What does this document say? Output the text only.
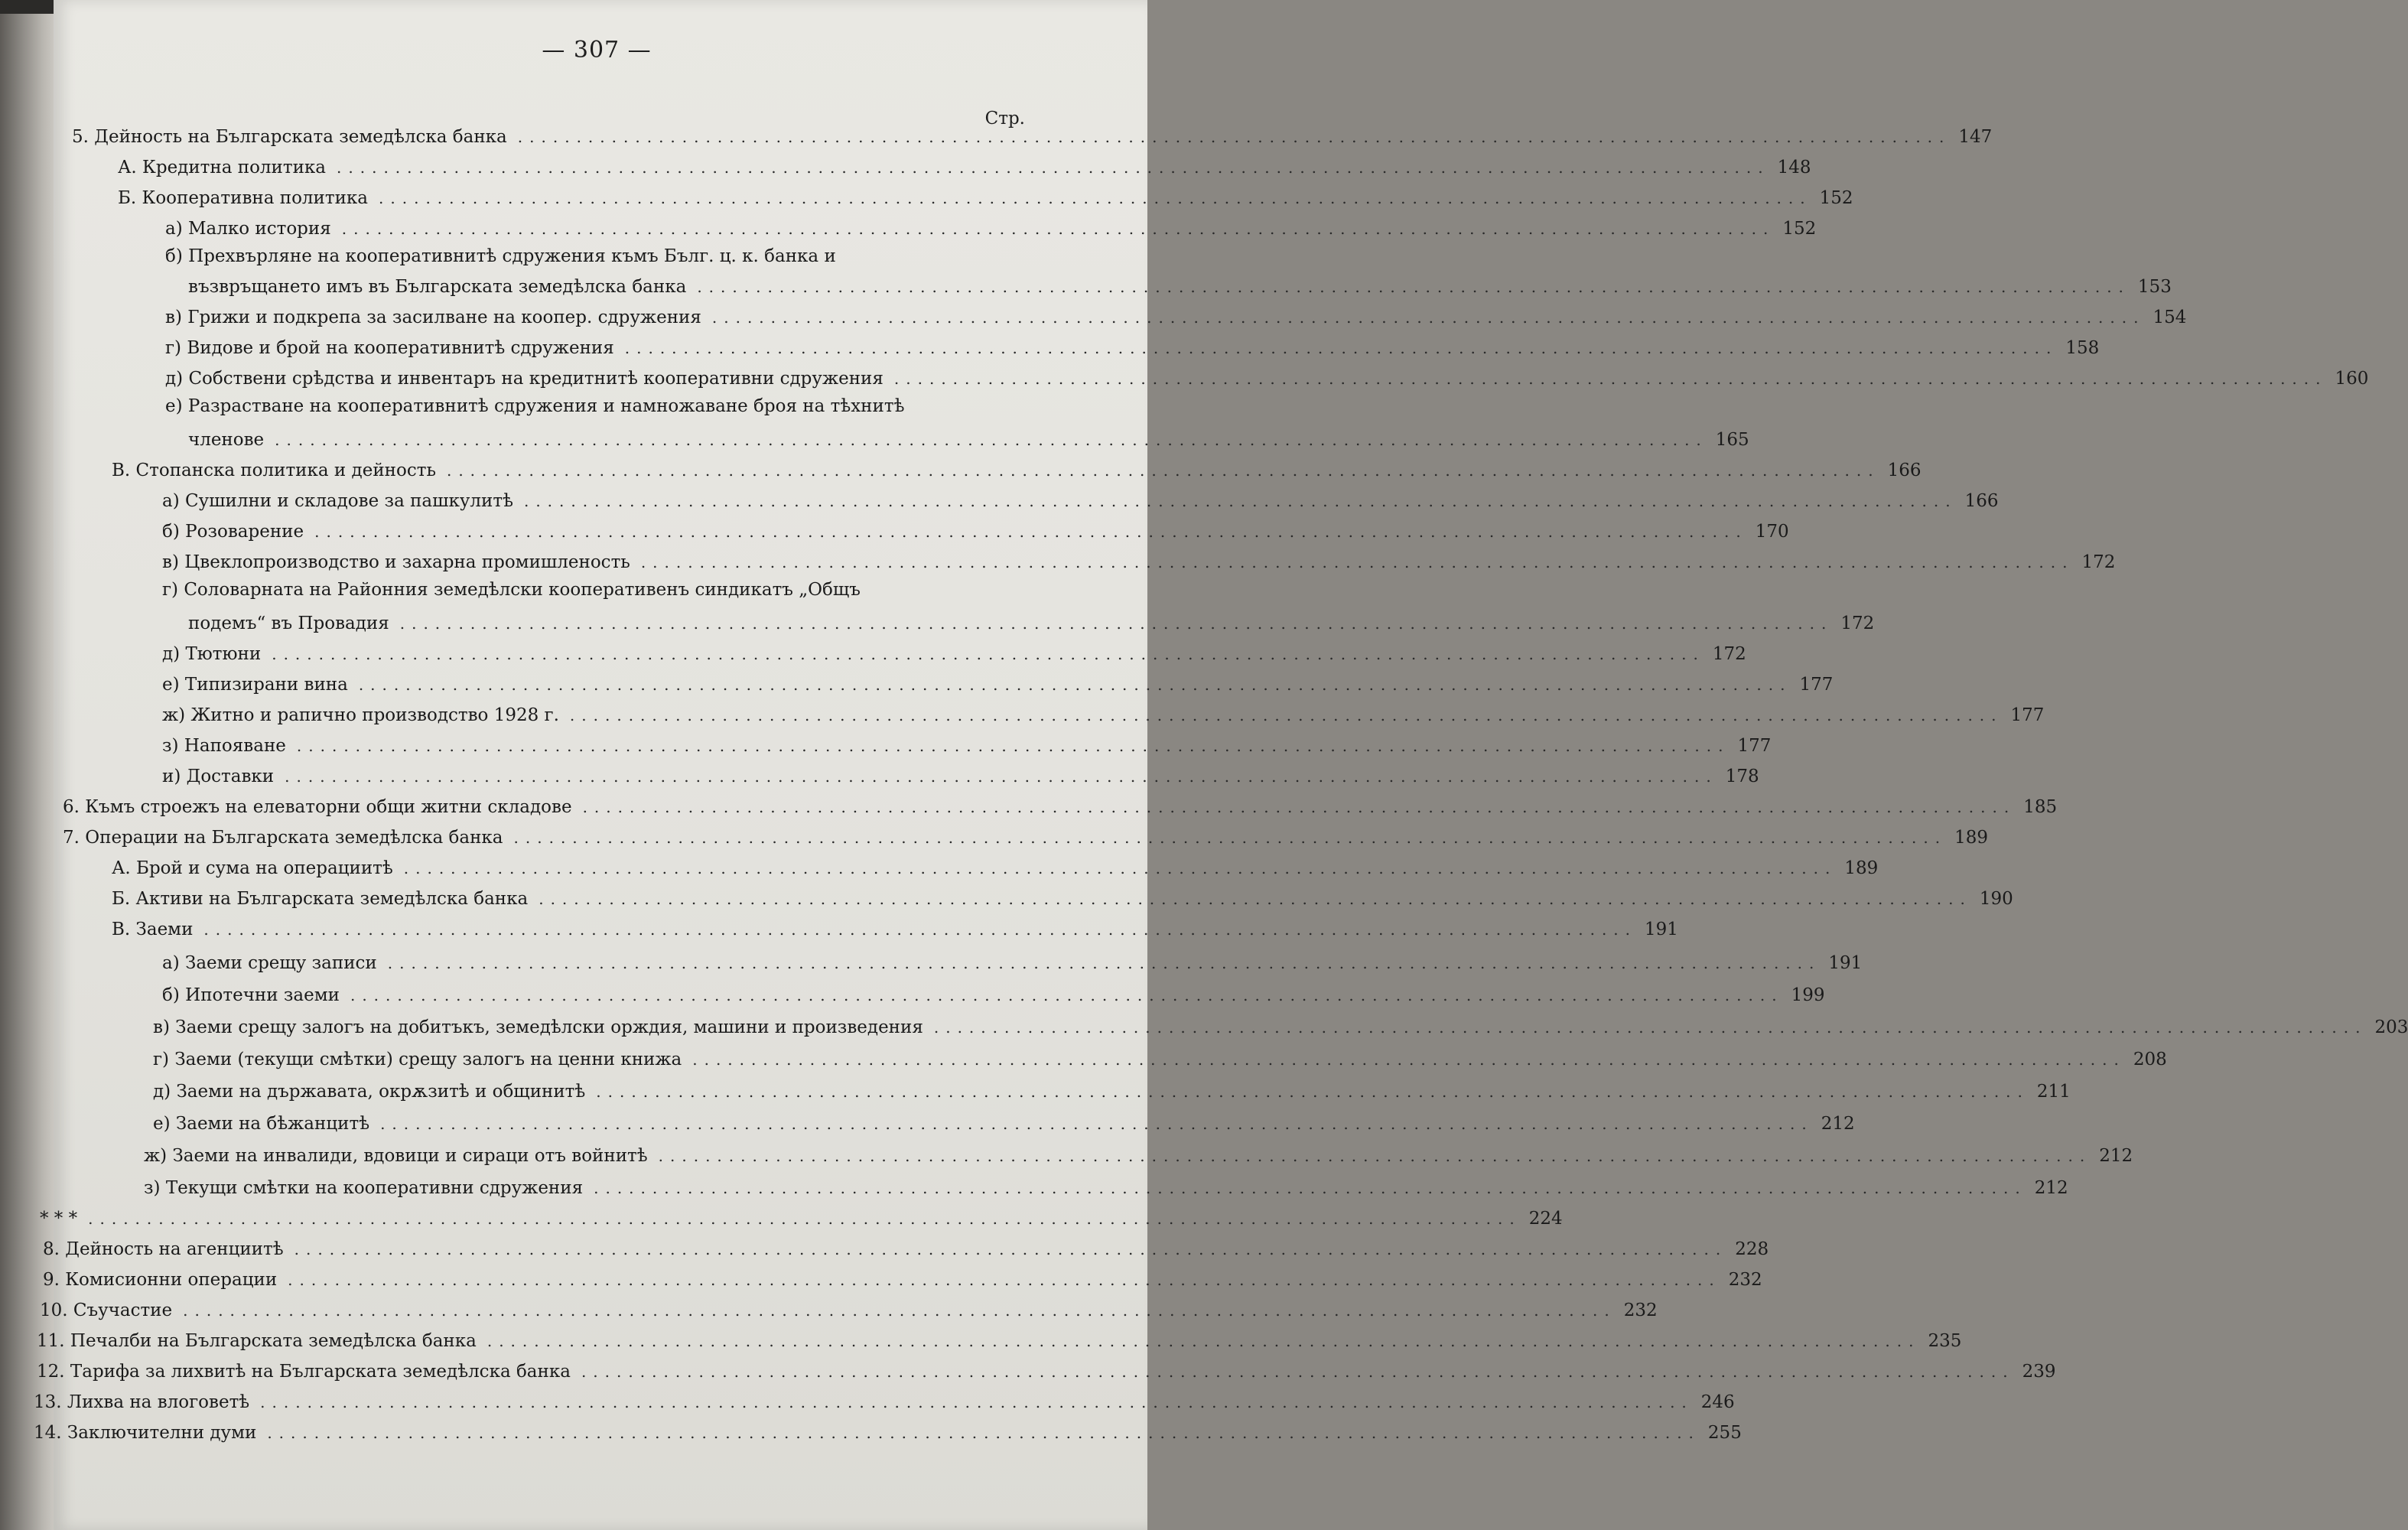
— 307 —
Стр.
5. Дейность на Българската земедѣлска банка .......................................................................................................................... 147
А. Кредитна политика .......................................................................................................................... 148
Б. Кооперативна политика .......................................................................................................................... 152
а) Малко история .......................................................................................................................... 152
б) Прехвърляне на кооперативнитѣ сдружения къмъ Бълг. ц. к. банка и
възвръщането имъ въ Българската земедѣлска банка .......................................................................................................................... 153
в) Грижи и подкрепа за засилване на коопер. сдружения .......................................................................................................................... 154
г) Видове и брой на кооперативнитѣ сдружения .......................................................................................................................... 158
д) Собствени срѣдства и инвентаръ на кредитнитѣ кооперативни сдружения .......................................................................................................................... 160
е) Разрастване на кооперативнитѣ сдружения и намножаване броя на тѣхнитѣ
членове .......................................................................................................................... 165
В. Стопанска политика и дейность .......................................................................................................................... 166
а) Сушилни и складове за пашкулитѣ .......................................................................................................................... 166
б) Розоварение .......................................................................................................................... 170
в) Цвеклопроизводство и захарна промишленость .......................................................................................................................... 172
г) Соловарната на Районния земедѣлски кооперативенъ синдикатъ „Общъ
подемъ“ въ Провадия .......................................................................................................................... 172
д) Тютюни .......................................................................................................................... 172
е) Типизирани вина .......................................................................................................................... 177
ж) Житно и рапично производство 1928 г. .......................................................................................................................... 177
з) Напояване .......................................................................................................................... 177
и) Доставки .......................................................................................................................... 178
6. Къмъ строежъ на елеваторни общи житни складове .......................................................................................................................... 185
7. Операции на Българската земедѣлска банка .......................................................................................................................... 189
А. Брой и сума на операциитѣ .......................................................................................................................... 189
Б. Активи на Българската земедѣлска банка .......................................................................................................................... 190
В. Заеми .......................................................................................................................... 191
а) Заеми срещу записи .......................................................................................................................... 191
б) Ипотечни заеми .......................................................................................................................... 199
в) Заеми срещу залогъ на добитъкъ, земедѣлски орждия, машини и произведения .......................................................................................................................... 203
г) Заеми (текущи смѣтки) срещу залогъ на ценни книжа .......................................................................................................................... 208
д) Заеми на държавата, окрѫзитѣ и общинитѣ .......................................................................................................................... 211
е) Заеми на бѣжанцитѣ .......................................................................................................................... 212
ж) Заеми на инвалиди, вдовици и сираци отъ войнитѣ .......................................................................................................................... 212
з) Текущи смѣтки на кооперативни сдружения .......................................................................................................................... 212
* * * .......................................................................................................................... 224
8. Дейность на агенциитѣ .......................................................................................................................... 228
9. Комисионни операции .......................................................................................................................... 232
10. Съучастие .......................................................................................................................... 232
11. Печалби на Българската земедѣлска банка .......................................................................................................................... 235
12. Тарифа за лихвитѣ на Българската земедѣлска банка .......................................................................................................................... 239
13. Лихва на влоговетѣ .......................................................................................................................... 246
14. Заключителни думи .......................................................................................................................... 255
